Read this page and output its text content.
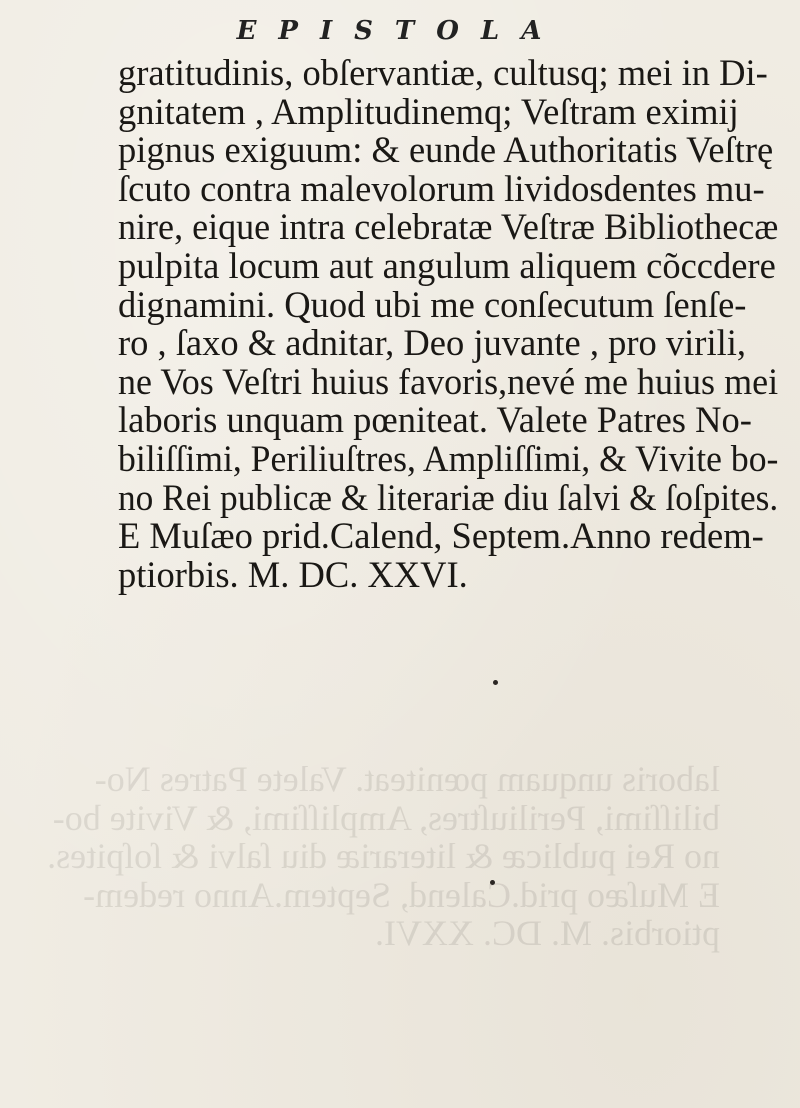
EPISTOLA
gratitudinis, obſervantiæ, cultusq; mei in Di-
gnitatem , Amplitudinemq; Veſtram eximij
pignus exiguum: & eunde Authoritatis Veſtrę
ſcuto contra malevolorum lividosdentes mu-
nire, eique intra celebratæ Veſtræ Bibliothecæ
pulpita locum aut angulum aliquem cõccdere
dignamini. Quod ubi me conſecutum ſenſe-
ro , ſaxo & adnitar, Deo juvante , pro virili,
ne Vos Veſtri huius favoris,nevé me huius mei
laboris unquam pœniteat. Valete Patres No-
biliſſimi, Periliuſtres, Ampliſſimi, & Vivite bo-
no Rei publicæ & literariæ diu ſalvi & ſoſpites.
E Muſæo prid.Calend, Septem.Anno redem-
ptiorbis. M. DC. XXVI.
laboris unquam pœniteat. Valete Patres No-
biliſſimi, Periliuſtres, Ampliſſimi, & Vivite bo-
no Rei publicæ & literariæ diu ſalvi & ſoſpites.
E Muſæo prid.Calend, Septem.Anno redem-
ptiorbis. M. DC. XXVI.
